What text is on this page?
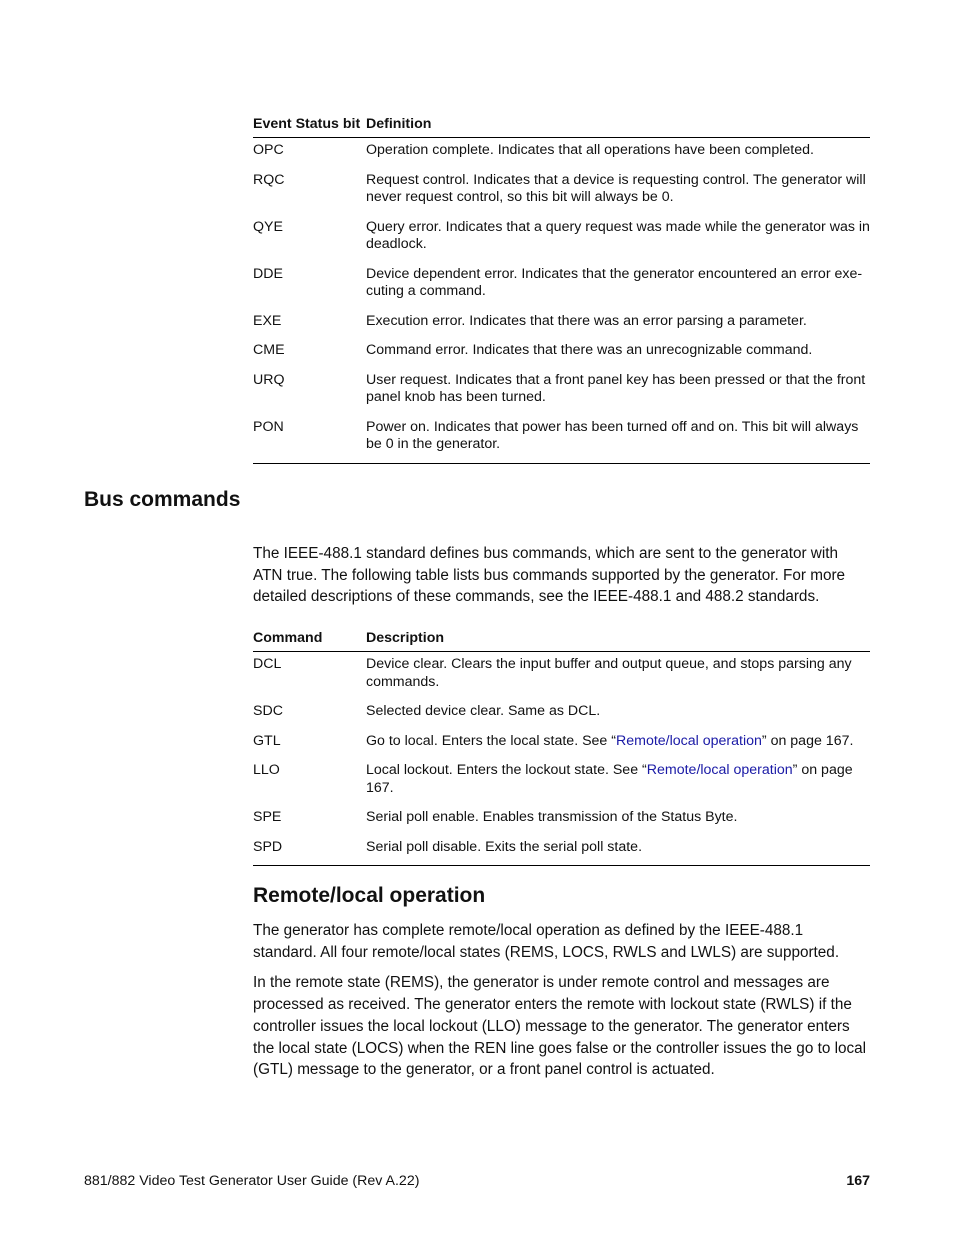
Event Status bit	Definition
OPC	Operation complete. Indicates that all operations have been completed.
RQC	Request control. Indicates that a device is requesting control. The generator will never request control, so this bit will always be 0.
QYE	Query error. Indicates that a query request was made while the generator was in deadlock.
DDE	Device dependent error. Indicates that the generator encountered an error exe-cuting a command.
EXE	Execution error. Indicates that there was an error parsing a parameter.
CME	Command error. Indicates that there was an unrecognizable command.
URQ	User request. Indicates that a front panel key has been pressed or that the front panel knob has been turned.
PON	Power on. Indicates that power has been turned off and on. This bit will always be 0 in the generator.
Bus commands

The IEEE-488.1 standard defines bus commands, which are sent to the generator with ATN true. The following table lists bus commands supported by the generator. For more detailed descriptions of these commands, see the IEEE-488.1 and 488.2 standards.

Command	Description
DCL	Device clear. Clears the input buffer and output queue, and stops parsing any commands.
SDC	Selected device clear. Same as DCL.
GTL	Go to local. Enters the local state. See “Remote/local operation” on page 167.
LLO	Local lockout. Enters the lockout state. See “Remote/local operation” on page 167.
SPE	Serial poll enable. Enables transmission of the Status Byte.
SPD	Serial poll disable. Exits the serial poll state.
Remote/local operation

The generator has complete remote/local operation as defined by the IEEE-488.1 standard. All four remote/local states (REMS, LOCS, RWLS and LWLS) are supported.

In the remote state (REMS), the generator is under remote control and messages are processed as received. The generator enters the remote with lockout state (RWLS) if the controller issues the local lockout (LLO) message to the generator. The generator enters the local state (LOCS) when the REN line goes false or the controller issues the go to local (GTL) message to the generator, or a front panel control is actuated.

881/882 Video Test Generator User Guide (Rev A.22)	167
